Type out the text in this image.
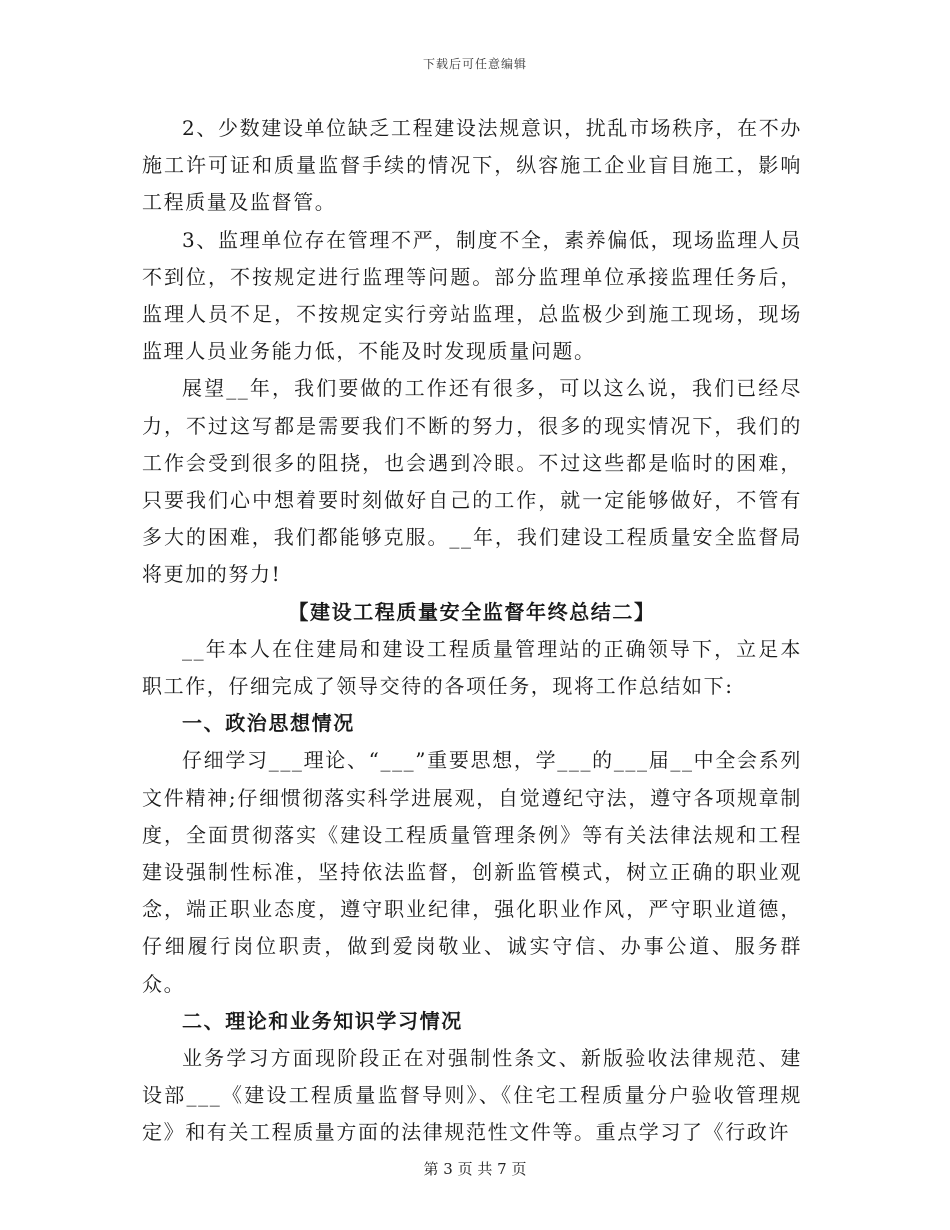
下载后可任意编辑

2、少数建设单位缺乏工程建设法规意识，扰乱市场秩序，在不办施工许可证和质量监督手续的情况下，纵容施工企业盲目施工，影响工程质量及监督管。

3、监理单位存在管理不严，制度不全，素养偏低，现场监理人员不到位，不按规定进行监理等问题。部分监理单位承接监理任务后，监理人员不足，不按规定实行旁站监理，总监极少到施工现场，现场监理人员业务能力低，不能及时发现质量问题。

展望__年，我们要做的工作还有很多，可以这么说，我们已经尽力，不过这写都是需要我们不断的努力，很多的现实情况下，我们的工作会受到很多的阻挠，也会遇到冷眼。不过这些都是临时的困难，只要我们心中想着要时刻做好自己的工作，就一定能够做好，不管有多大的困难，我们都能够克服。__年，我们建设工程质量安全监督局将更加的努力!

【建设工程质量安全监督年终总结二】

__年本人在住建局和建设工程质量管理站的正确领导下，立足本职工作，仔细完成了领导交待的各项任务，现将工作总结如下:

一、政治思想情况

仔细学习___理论、“___”重要思想，学___的___届__中全会系列文件精神;仔细惯彻落实科学进展观，自觉遵纪守法，遵守各项规章制度，全面贯彻落实《建设工程质量管理条例》等有关法律法规和工程建设强制性标准，坚持依法监督，创新监管模式，树立正确的职业观念，端正职业态度，遵守职业纪律，强化职业作风，严守职业道德，仔细履行岗位职责，做到爱岗敬业、诚实守信、办事公道、服务群众。

二、理论和业务知识学习情况

业务学习方面现阶段正在对强制性条文、新版验收法律规范、建设部___《建设工程质量监督导则》、《住宅工程质量分户验收管理规定》和有关工程质量方面的法律规范性文件等。重点学习了《行政许

第 3 页 共 7 页
